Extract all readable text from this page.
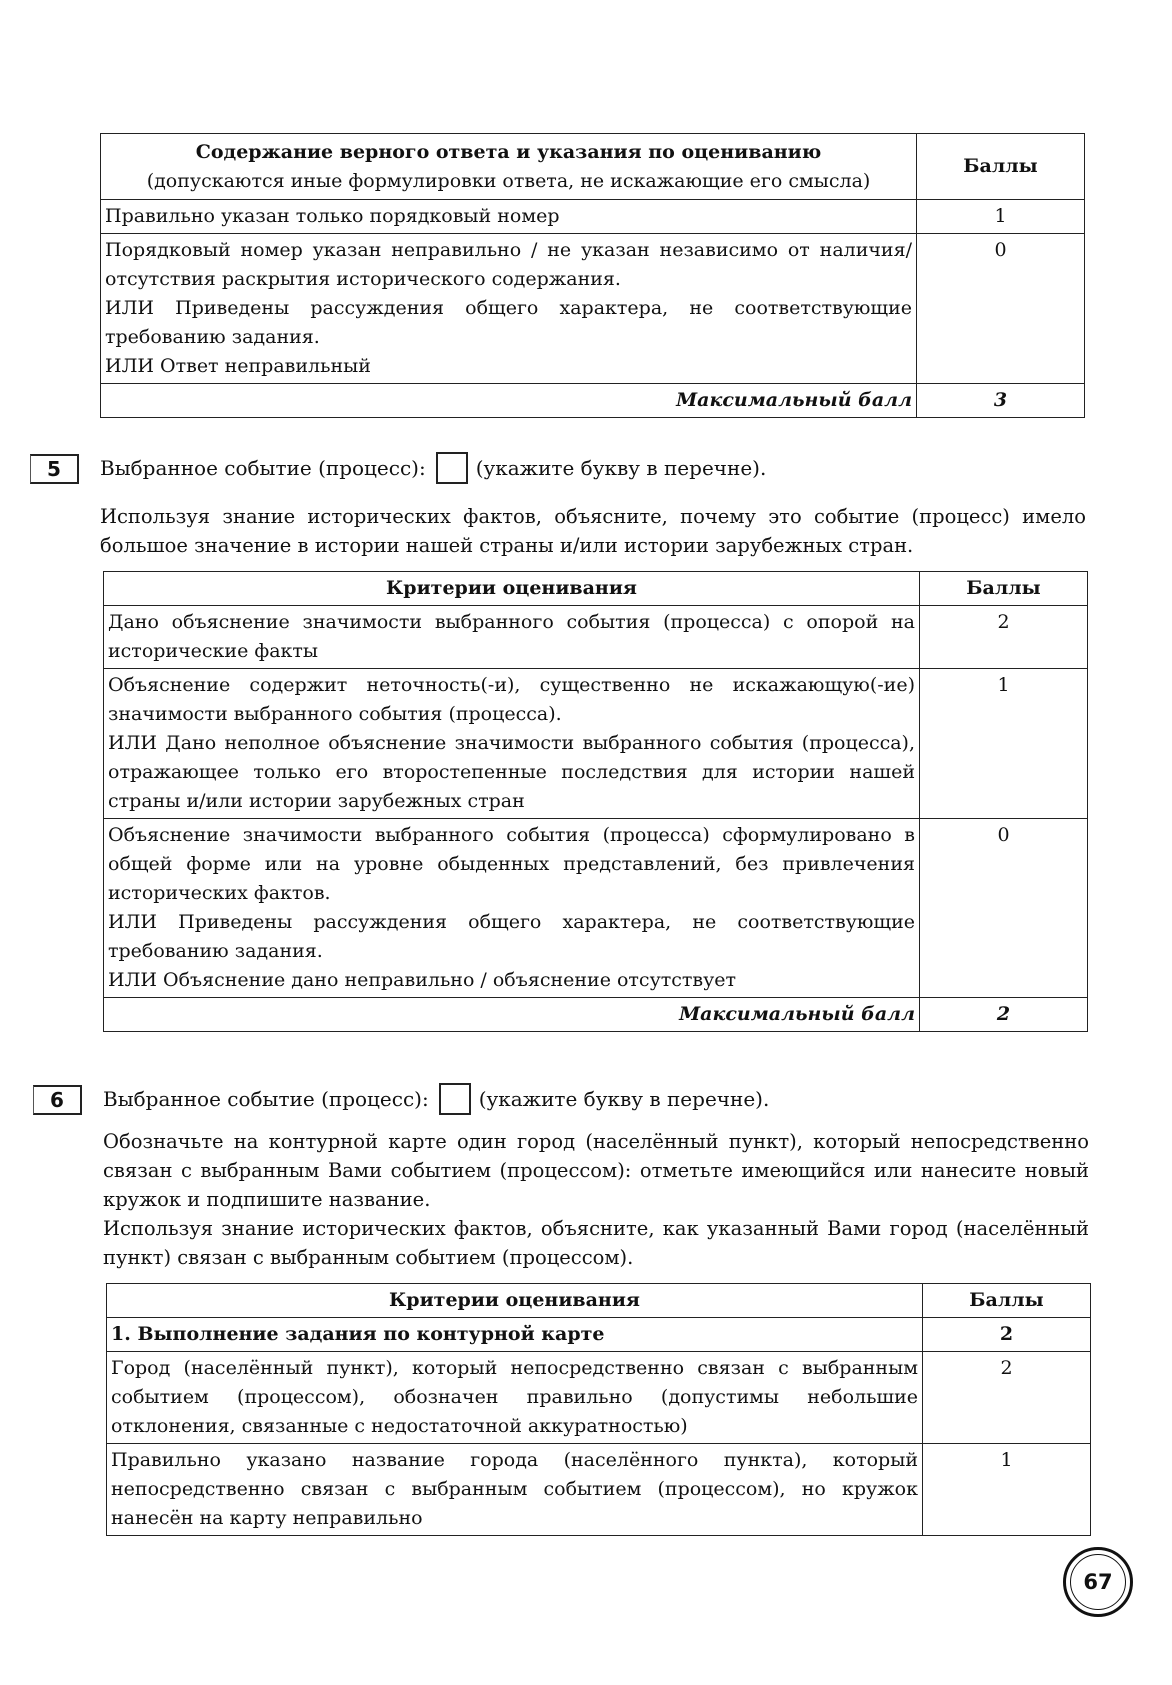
Содержание верного ответа и указания по оцениванию
(допускаются иные формулировки ответа, не искажающие его смысла)	Баллы
Правильно указан только порядковый номер	1

Порядковый номер указан неправильно / не указан независимо от наличия/отсутствия раскрытия исторического содержания.
ИЛИ Приведены рассуждения общего характера, не соответствующие требованию задания.
ИЛИ Ответ неправильный	0
Максимальный балл	3
5	Выбранное событие (процесс):	(укажите букву в перечне).

Используя знание исторических фактов, объясните, почему это событие (процесс) имело большое значение в истории нашей страны и/или истории зарубежных стран.

Критерии оценивания	Баллы

Дано объяснение значимости выбранного события (процесса) с опорой на исторические факты	2

Объяснение содержит неточность(-и), существенно не искажающую(-ие) значимости выбранного события (процесса).
ИЛИ Дано неполное объяснение значимости выбранного события (процесса), отражающее только его второстепенные последствия для истории нашей страны и/или истории зарубежных стран	1

Объяснение значимости выбранного события (процесса) сформулировано в общей форме или на уровне обыденных представлений, без привлечения исторических фактов.
ИЛИ Приведены рассуждения общего характера, не соответствующие требованию задания.
ИЛИ Объяснение дано неправильно / объяснение отсутствует	0
Максимальный балл	2
6	Выбранное событие (процесс):	(укажите букву в перечне).

Обозначьте на контурной карте один город (населённый пункт), который непосредственно связан с выбранным Вами событием (процессом): отметьте имеющийся или нанесите новый кружок и подпишите название.

Используя знание исторических фактов, объясните, как указанный Вами город (населённый пункт) связан с выбранным событием (процессом).

Критерии оценивания	Баллы
1. Выполнение задания по контурной карте	2

Город (населённый пункт), который непосредственно связан с выбранным событием (процессом), обозначен правильно (допустимы небольшие отклонения, связанные с недостаточной аккуратностью)	2

Правильно указано название города (населённого пункта), который непосредственно связан с выбранным событием (процессом), но кружок нанесён на карту неправильно	1
67
